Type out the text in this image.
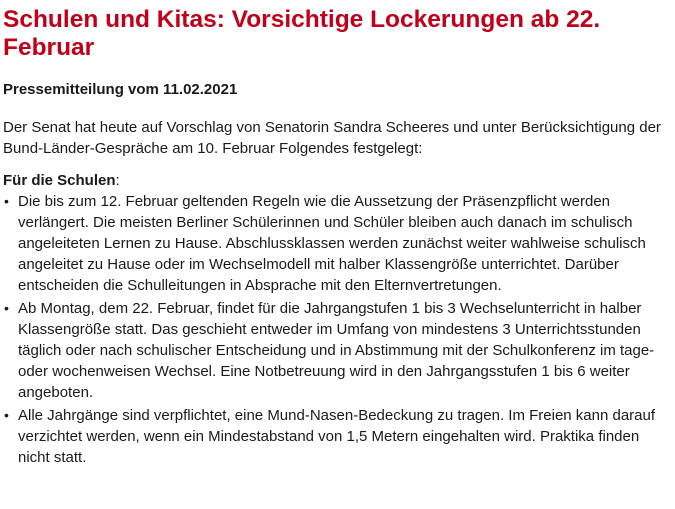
Schulen und Kitas: Vorsichtige Lockerungen ab 22. Februar
Pressemitteilung vom 11.02.2021

Der Senat hat heute auf Vorschlag von Senatorin Sandra Scheeres und unter Berücksichtigung der Bund-Länder-Gespräche am 10. Februar Folgendes festgelegt:

Für die Schulen:
• Die bis zum 12. Februar geltenden Regeln wie die Aussetzung der Präsenzpflicht werden verlängert. Die meisten Berliner Schülerinnen und Schüler bleiben auch danach im schulisch angeleiteten Lernen zu Hause. Abschlussklassen werden zunächst weiter wahlweise schulisch angeleitet zu Hause oder im Wechselmodell mit halber Klassengröße unterrichtet. Darüber entscheiden die Schulleitungen in Absprache mit den Elternvertretungen.
• Ab Montag, dem 22. Februar, findet für die Jahrgangstufen 1 bis 3 Wechselunterricht in halber Klassengröße statt. Das geschieht entweder im Umfang von mindestens 3 Unterrichtsstunden täglich oder nach schulischer Entscheidung und in Abstimmung mit der Schulkonferenz im tage- oder wochenweisen Wechsel. Eine Notbetreuung wird in den Jahrgangsstufen 1 bis 6 weiter angeboten.
• Alle Jahrgänge sind verpflichtet, eine Mund-Nasen-Bedeckung zu tragen. Im Freien kann darauf verzichtet werden, wenn ein Mindestabstand von 1,5 Metern eingehalten wird. Praktika finden nicht statt.
